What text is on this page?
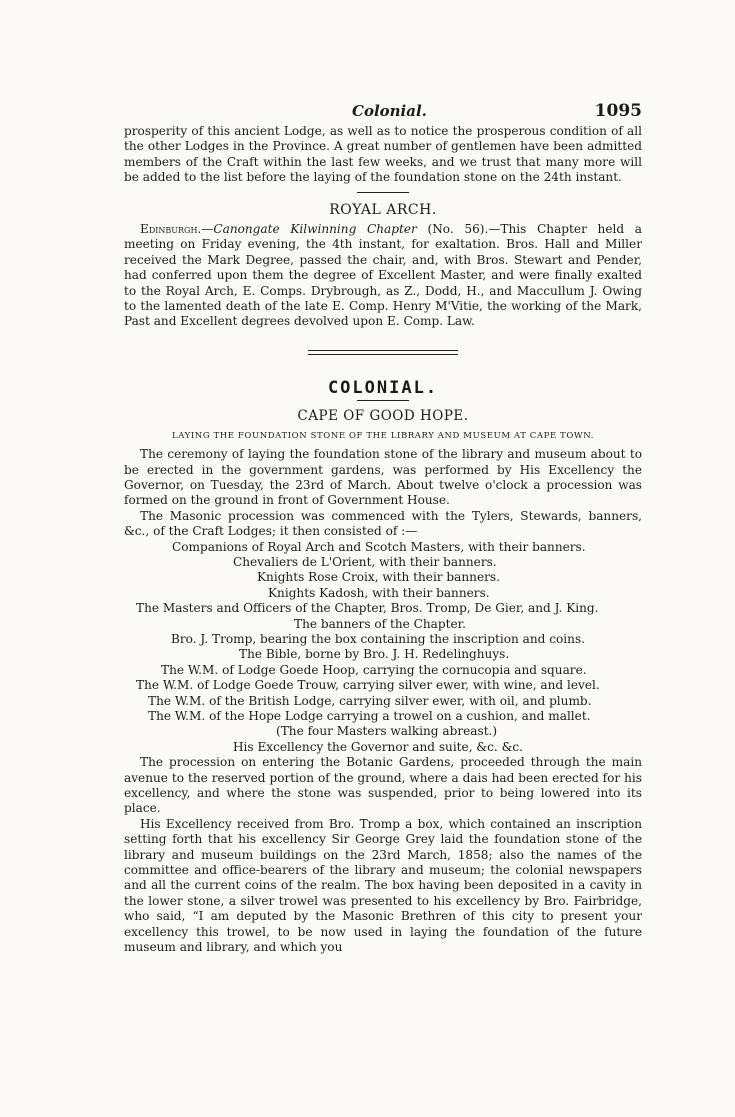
Colonial.	1095

prosperity of this ancient Lodge, as well as to notice the prosperous condition of all the other Lodges in the Province. A great number of gentlemen have been admitted members of the Craft within the last few weeks, and we trust that many more will be added to the list before the laying of the foundation stone on the 24th instant.

ROYAL ARCH.

Edinburgh.—Canongate Kilwinning Chapter (No. 56).—This Chapter held a meeting on Friday evening, the 4th instant, for exaltation. Bros. Hall and Miller received the Mark Degree, passed the chair, and, with Bros. Stewart and Pender, had conferred upon them the degree of Excellent Master, and were finally exalted to the Royal Arch, E. Comps. Drybrough, as Z., Dodd, H., and Maccullum J. Owing to the lamented death of the late E. Comp. Henry M'Vitie, the working of the Mark, Past and Excellent degrees devolved upon E. Comp. Law.

COLONIAL.
CAPE OF GOOD HOPE.
LAYING THE FOUNDATION STONE OF THE LIBRARY AND MUSEUM AT CAPE TOWN.

The ceremony of laying the foundation stone of the library and museum about to be erected in the government gardens, was performed by His Excellency the Governor, on Tuesday, the 23rd of March. About twelve o'clock a procession was formed on the ground in front of Government House.

The Masonic procession was commenced with the Tylers, Stewards, banners, &c., of the Craft Lodges; it then consisted of :—

Companions of Royal Arch and Scotch Masters, with their banners.
Chevaliers de L'Orient, with their banners.
Knights Rose Croix, with their banners.
Knights Kadosh, with their banners.
The Masters and Officers of the Chapter, Bros. Tromp, De Gier, and J. King.
The banners of the Chapter.
Bro. J. Tromp, bearing the box containing the inscription and coins.
The Bible, borne by Bro. J. H. Redelinghuys.
The W.M. of Lodge Goede Hoop, carrying the cornucopia and square.
The W.M. of Lodge Goede Trouw, carrying silver ewer, with wine, and level.
The W.M. of the British Lodge, carrying silver ewer, with oil, and plumb.
The W.M. of the Hope Lodge carrying a trowel on a cushion, and mallet.
(The four Masters walking abreast.)
His Excellency the Governor and suite, &c. &c.

The procession on entering the Botanic Gardens, proceeded through the main avenue to the reserved portion of the ground, where a dais had been erected for his excellency, and where the stone was suspended, prior to being lowered into its place.

His Excellency received from Bro. Tromp a box, which contained an inscription setting forth that his excellency Sir George Grey laid the foundation stone of the library and museum buildings on the 23rd March, 1858; also the names of the committee and office-bearers of the library and museum; the colonial newspapers and all the current coins of the realm. The box having been deposited in a cavity in the lower stone, a silver trowel was presented to his excellency by Bro. Fairbridge, who said, “I am deputed by the Masonic Brethren of this city to present your excellency this trowel, to be now used in laying the foundation of the future museum and library, and which you
